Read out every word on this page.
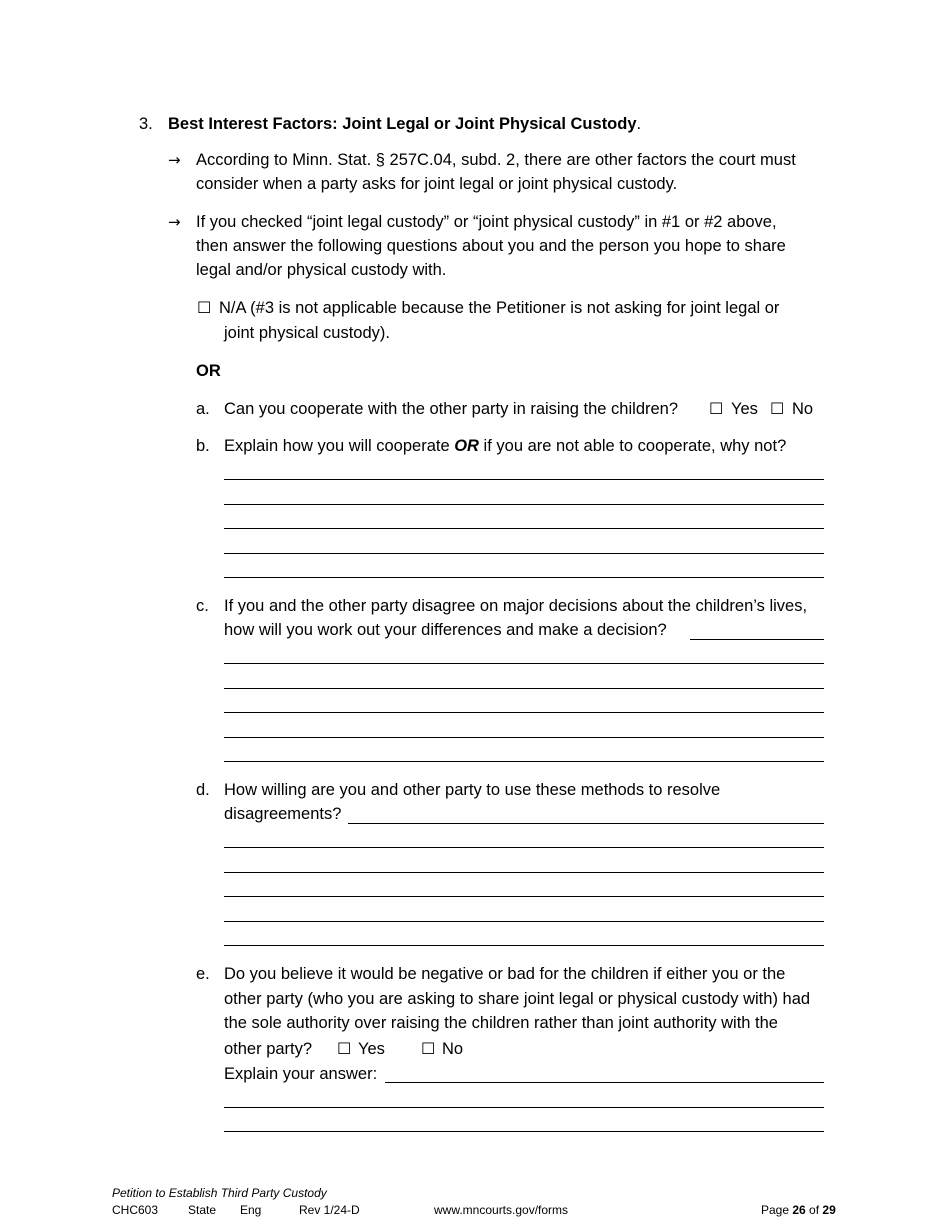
3. Best Interest Factors: Joint Legal or Joint Physical Custody.
→ According to Minn. Stat. § 257C.04, subd. 2, there are other factors the court must
consider when a party asks for joint legal or joint physical custody.
→ If you checked “joint legal custody” or “joint physical custody” in #1 or #2 above,
then answer the following questions about you and the person you hope to share
legal and/or physical custody with.
☐ N/A (#3 is not applicable because the Petitioner is not asking for joint legal or
joint physical custody).
OR
a. Can you cooperate with the other party in raising the children? ☐ Yes ☐ No
b. Explain how you will cooperate OR if you are not able to cooperate, why not?
c. If you and the other party disagree on major decisions about the children’s lives,
how will you work out your differences and make a decision?
d. How willing are you and other party to use these methods to resolve
disagreements?
e. Do you believe it would be negative or bad for the children if either you or the
other party (who you are asking to share joint legal or physical custody with) had
the sole authority over raising the children rather than joint authority with the
other party? ☐ Yes ☐ No
Explain your answer:
Petition to Establish Third Party Custody
CHC603 State Eng	Rev 1/24-D	www.mncourts.gov/forms	Page 26 of 29
